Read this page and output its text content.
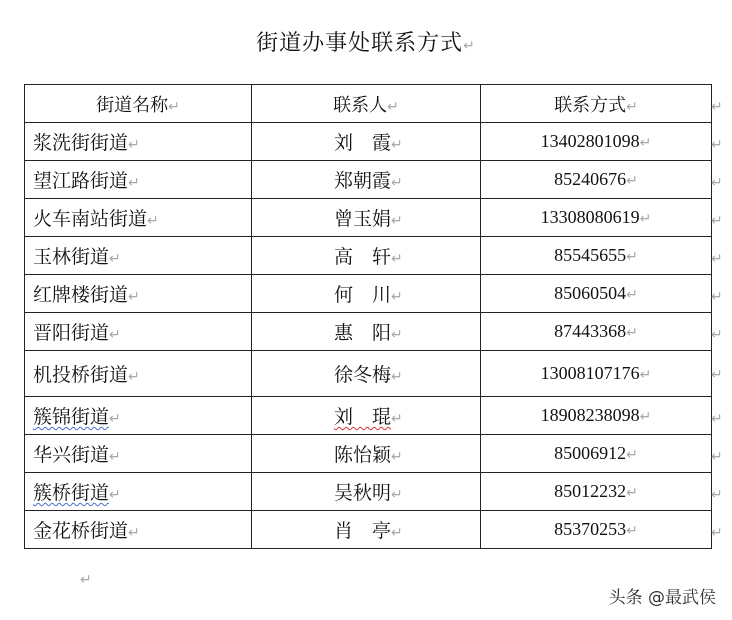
街道办事处联系方式↵
街道名称↵	联系人↵	联系方式↵
浆洗街街道↵	刘　霞↵	13402801098↵
望江路街道↵	郑朝霞↵	85240676↵
火车南站街道↵	曾玉娟↵	13308080619↵
玉林街道↵	高　轩↵	85545655↵
红牌楼街道↵	何　川↵	85060504↵
晋阳街道↵	惠　阳↵	87443368↵
机投桥街道↵	徐冬梅↵	13008107176↵
簇锦街道↵	刘　琨↵	18908238098↵
华兴街道↵	陈怡颖↵	85006912↵
簇桥街道↵	吴秋明↵	85012232↵
金花桥街道↵	肖　亭↵	85370253↵
↵
↵
↵
↵
↵
↵
↵
↵
↵
↵
↵
↵
↵
头条 @最武侯
